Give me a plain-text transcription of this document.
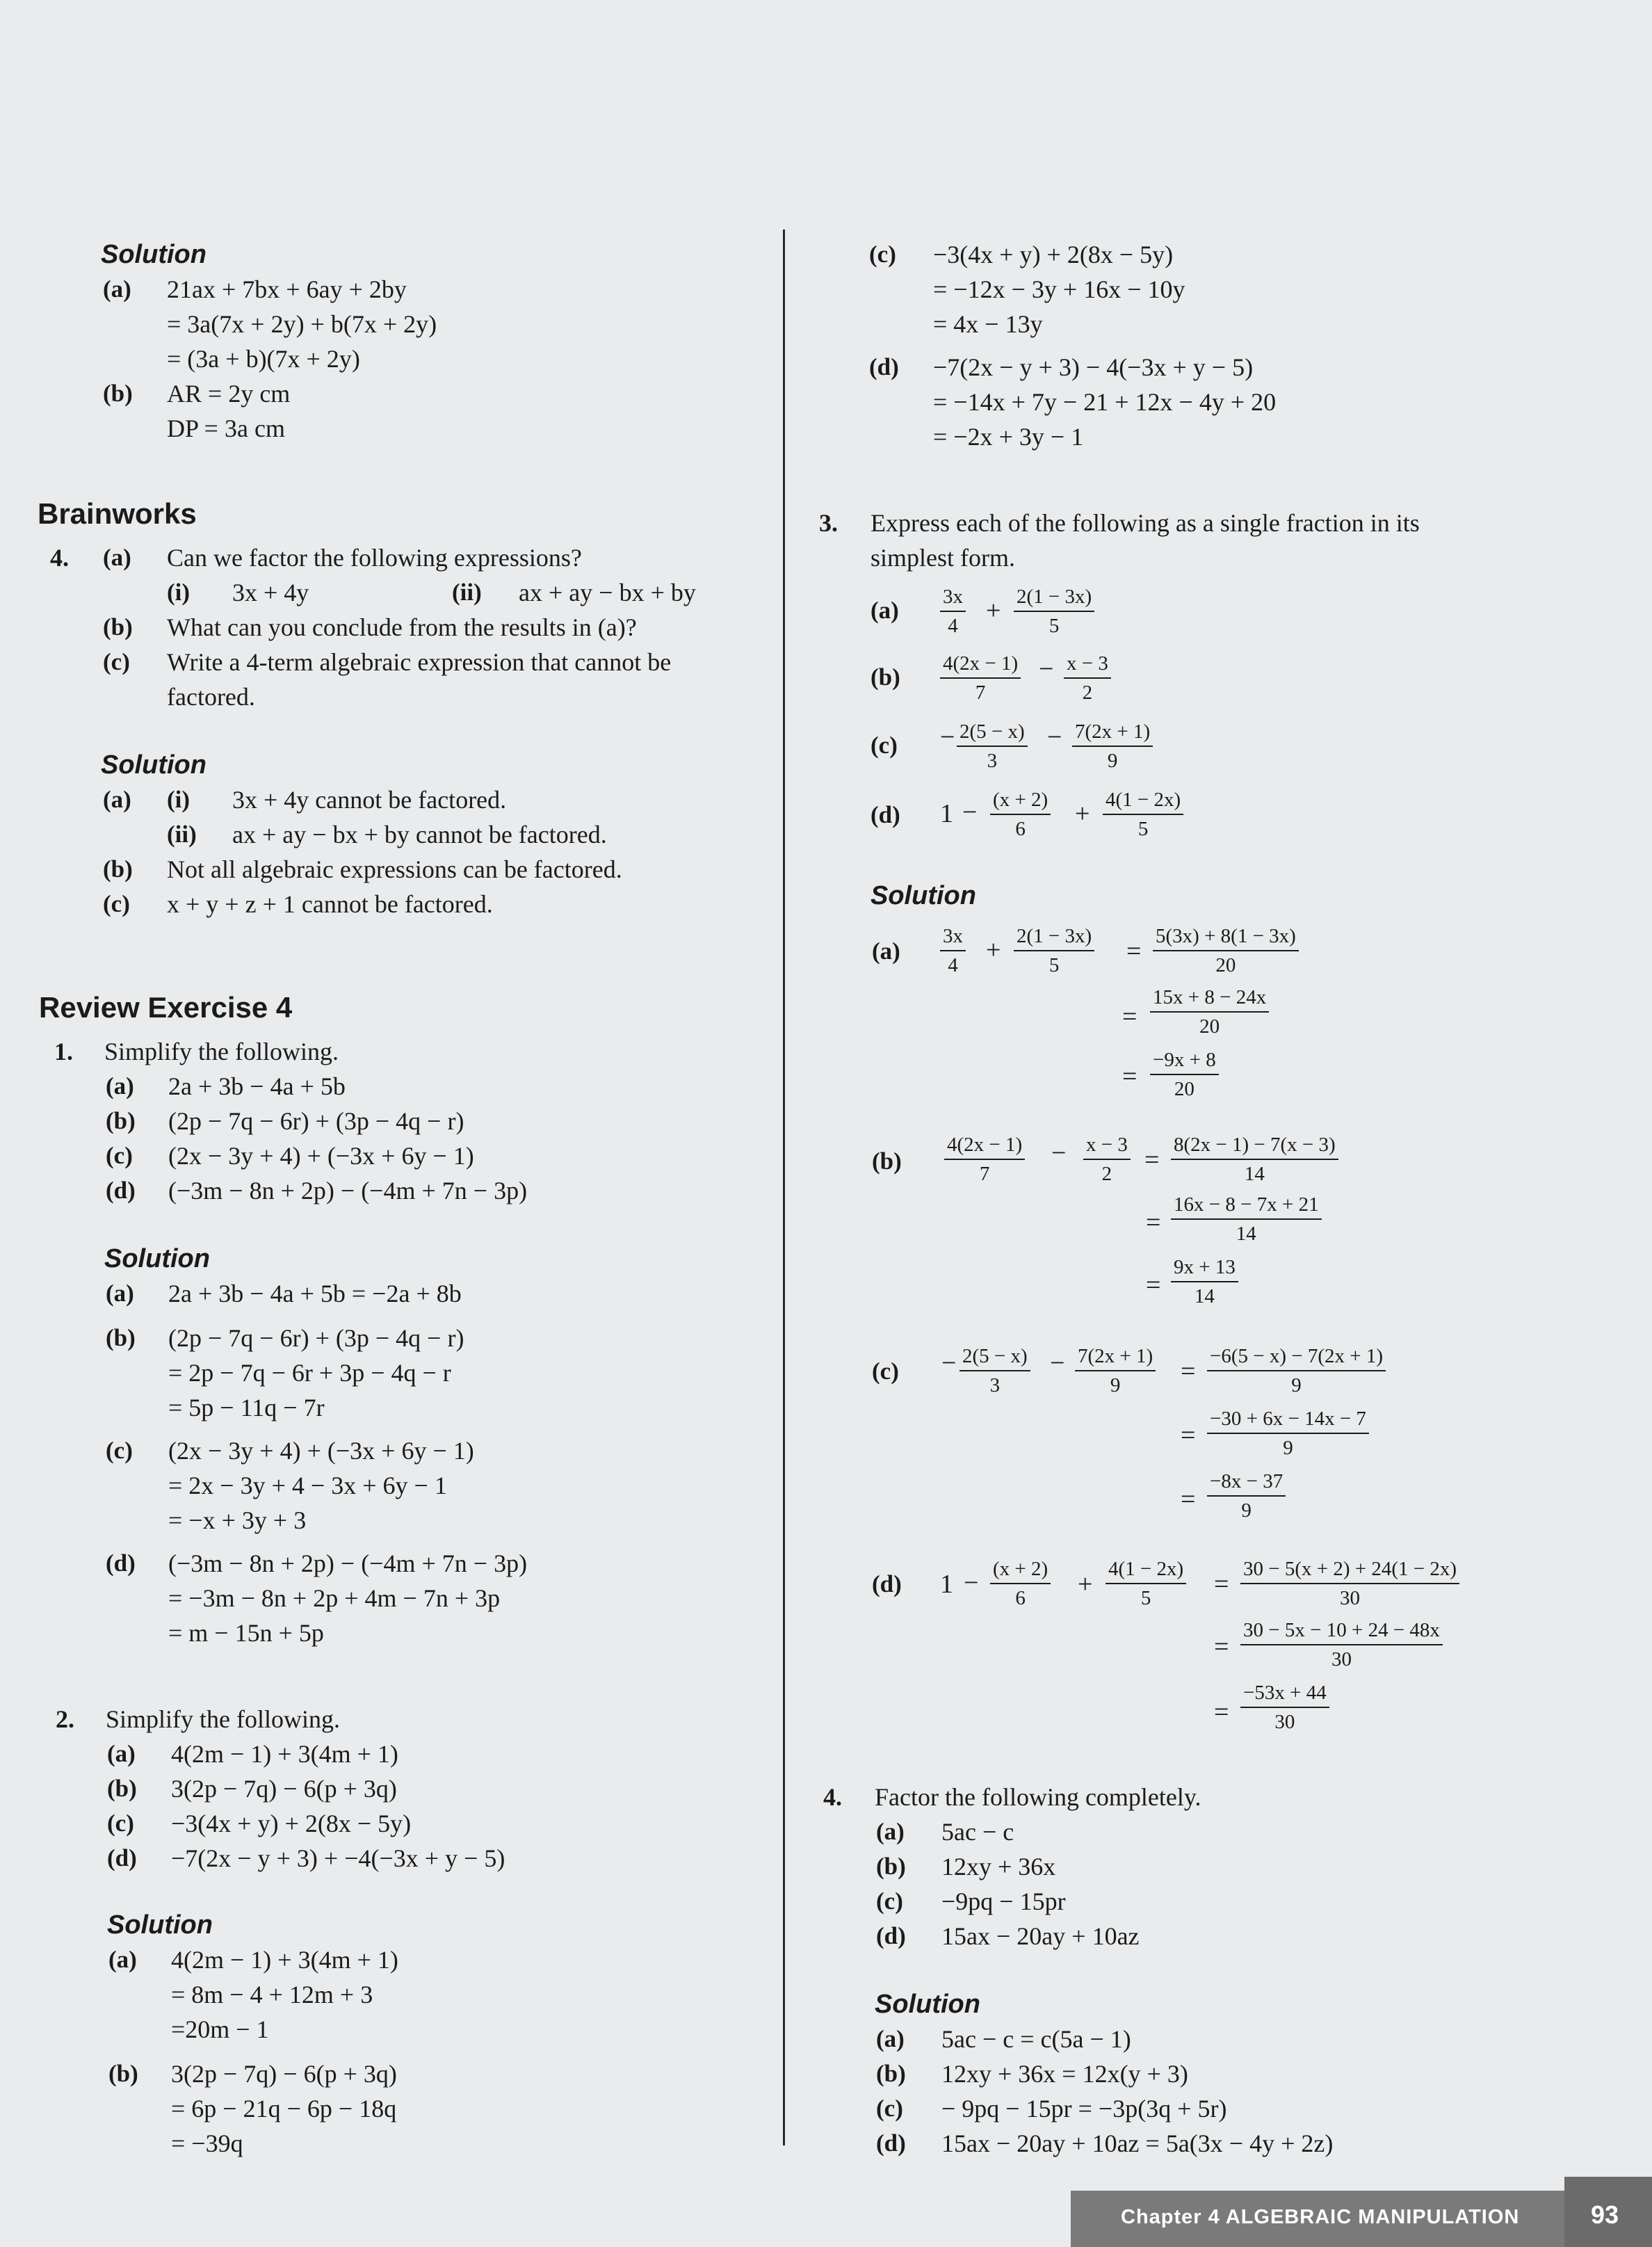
Solution
(a) 21ax + 7bx + 6ay + 2by
= 3a(7x + 2y) + b(7x + 2y)
= (3a + b)(7x + 2y)
(b) AR = 2y cm
DP = 3a cm
Brainworks
4. (a) Can we factor the following expressions?
(i) 3x + 4y	(ii) ax + ay − bx + by
(b) What can you conclude from the results in (a)?
(c) Write a 4-term algebraic expression that cannot be
factored.
Solution
(a) (i) 3x + 4y cannot be factored.
(ii) ax + ay − bx + by cannot be factored.
(b) Not all algebraic expressions can be factored.
(c) x + y + z + 1 cannot be factored.
Review Exercise 4
1. Simplify the following.
(a) 2a + 3b − 4a + 5b
(b) (2p − 7q − 6r) + (3p − 4q − r)
(c) (2x − 3y + 4) + (−3x + 6y − 1)
(d) (−3m − 8n + 2p) − (−4m + 7n − 3p)
Solution
(a) 2a + 3b − 4a + 5b = −2a + 8b
(b) (2p − 7q − 6r) + (3p − 4q − r)
= 2p − 7q − 6r + 3p − 4q − r
= 5p − 11q − 7r
(c) (2x − 3y + 4) + (−3x + 6y − 1)
= 2x − 3y + 4 − 3x + 6y − 1
= −x + 3y + 3
(d) (−3m − 8n + 2p) − (−4m + 7n − 3p)
= −3m − 8n + 2p + 4m − 7n + 3p
= m − 15n + 5p
2. Simplify the following.
(a) 4(2m − 1) + 3(4m + 1)
(b) 3(2p − 7q) − 6(p + 3q)
(c) −3(4x + y) + 2(8x − 5y)
(d) −7(2x − y + 3) + −4(−3x + y − 5)
Solution
(a) 4(2m − 1) + 3(4m + 1)
= 8m − 4 + 12m + 3
=20m − 1
(b) 3(2p − 7q) − 6(p + 3q)
= 6p − 21q − 6p − 18q
= −39q
(c) −3(4x + y) + 2(8x − 5y)
= −12x − 3y + 16x − 10y
= 4x − 13y
(d) −7(2x − y + 3) − 4(−3x + y − 5)
= −14x + 7y − 21 + 12x − 4y + 20
= −2x + 3y − 1
3. Express each of the following as a single fraction in its
simplest form.
(a) 3x
4
+ 2(1 − 3x)
5
(b) 4(2x − 1)
7
− x − 3
2
(c) − 2(5 − x)
3
− 7(2x + 1)
9
(d) 1 − (x + 2)
6
+ 4(1 − 2x)
5
Solution
(a)
3x
4
+ 2(1 − 3x)
5	=
5(3x) + 8(1 − 3x)
20
=
15x + 8 − 24x
20
=
−9x + 8
20
(b)
4(2x − 1)
7
− x − 3
2 =
8(2x − 1) − 7(x − 3)
14
=
16x − 8 − 7x + 21
14
=
9x + 13
14
(c) − 2(5 − x)
3
− 7(2x + 1)
9 =
−6(5 − x) − 7(2x + 1)
9
=
−30 + 6x − 14x − 7
9
=
−8x − 37
9
(d) 1 − (x + 2)
6 +
4(1 − 2x)
5 =
30 − 5(x + 2) + 24(1 − 2x)
30
=
30 − 5x − 10 + 24 − 48x
30
=
−53x + 44
30
4. Factor the following completely.
(a) 5ac − c
(b) 12xy + 36x
(c) −9pq − 15pr
(d) 15ax − 20ay + 10az
Solution
(a) 5ac − c = c(5a − 1)
(b) 12xy + 36x = 12x(y + 3)
(c) − 9pq − 15pr = −3p(3q + 5r)
(d) 15ax − 20ay + 10az = 5a(3x − 4y + 2z)
Chapter 4 ALGEBRAIC MANIPULATION	93
